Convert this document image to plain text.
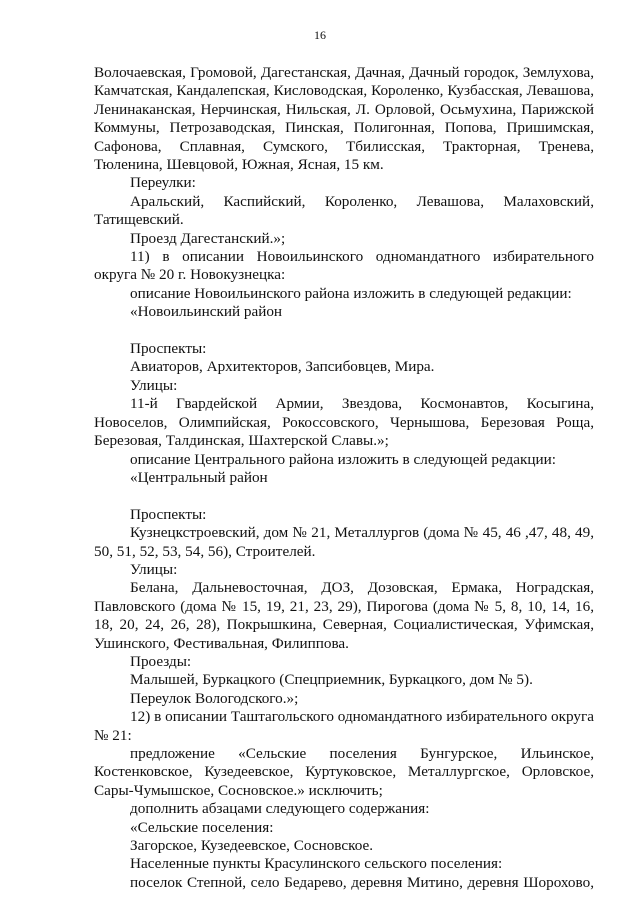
16

Волочаевская, Громовой, Дагестанская, Дачная, Дачный городок, Землухова, Камчатская, Кандалепская, Кисловодская, Короленко, Кузбасская, Левашова, Ленинаканская, Нерчинская, Нильская, Л. Орловой, Осьмухина, Парижской Коммуны, Петрозаводская, Пинская, Полигонная, Попова, Пришимская, Сафонова, Сплавная, Сумского, Тбилисская, Тракторная, Тренева, Тюленина, Шевцовой, Южная, Ясная, 15 км.

Переулки:

Аральский, Каспийский, Короленко, Левашова, Малаховский, Татищевский.

Проезд Дагестанский.»;

11) в описании Новоильинского одномандатного избирательного округа № 20 г. Новокузнецка:

описание Новоильинского района изложить в следующей редакции:

«Новоильинский район

Проспекты:

Авиаторов, Архитекторов, Запсибовцев, Мира.

Улицы:

11-й Гвардейской Армии, Звездова, Космонавтов, Косыгина, Новоселов, Олимпийская, Рокоссовского, Чернышова, Березовая Роща, Березовая, Талдинская, Шахтерской Славы.»;

описание Центрального района изложить в следующей редакции:

«Центральный район

Проспекты:

Кузнецкстроевский, дом № 21, Металлургов (дома № 45, 46 ,47, 48, 49, 50, 51, 52, 53, 54, 56), Строителей.

Улицы:

Белана, Дальневосточная, ДОЗ, Дозовская, Ермака, Ноградская, Павловского (дома № 15, 19, 21, 23, 29), Пирогова (дома № 5, 8, 10, 14, 16, 18, 20, 24, 26, 28), Покрышкина, Северная, Социалистическая, Уфимская, Ушинского, Фестивальная, Филиппова.

Проезды:

Малышей, Буркацкого (Спецприемник, Буркацкого, дом № 5).

Переулок Вологодского.»;

12) в описании Таштагольского одномандатного избирательного округа № 21:

предложение «Сельские поселения Бунгурское, Ильинское, Костенковское, Кузедеевское, Куртуковское, Металлургское, Орловское, Сары-Чумышское, Сосновское.» исключить;

дополнить абзацами следующего содержания:

«Сельские поселения:

Загорское, Кузедеевское, Сосновское.

Населенные пункты Красулинского сельского поселения:

поселок Степной, село Бедарево, деревня Митино, деревня Шорохово,
